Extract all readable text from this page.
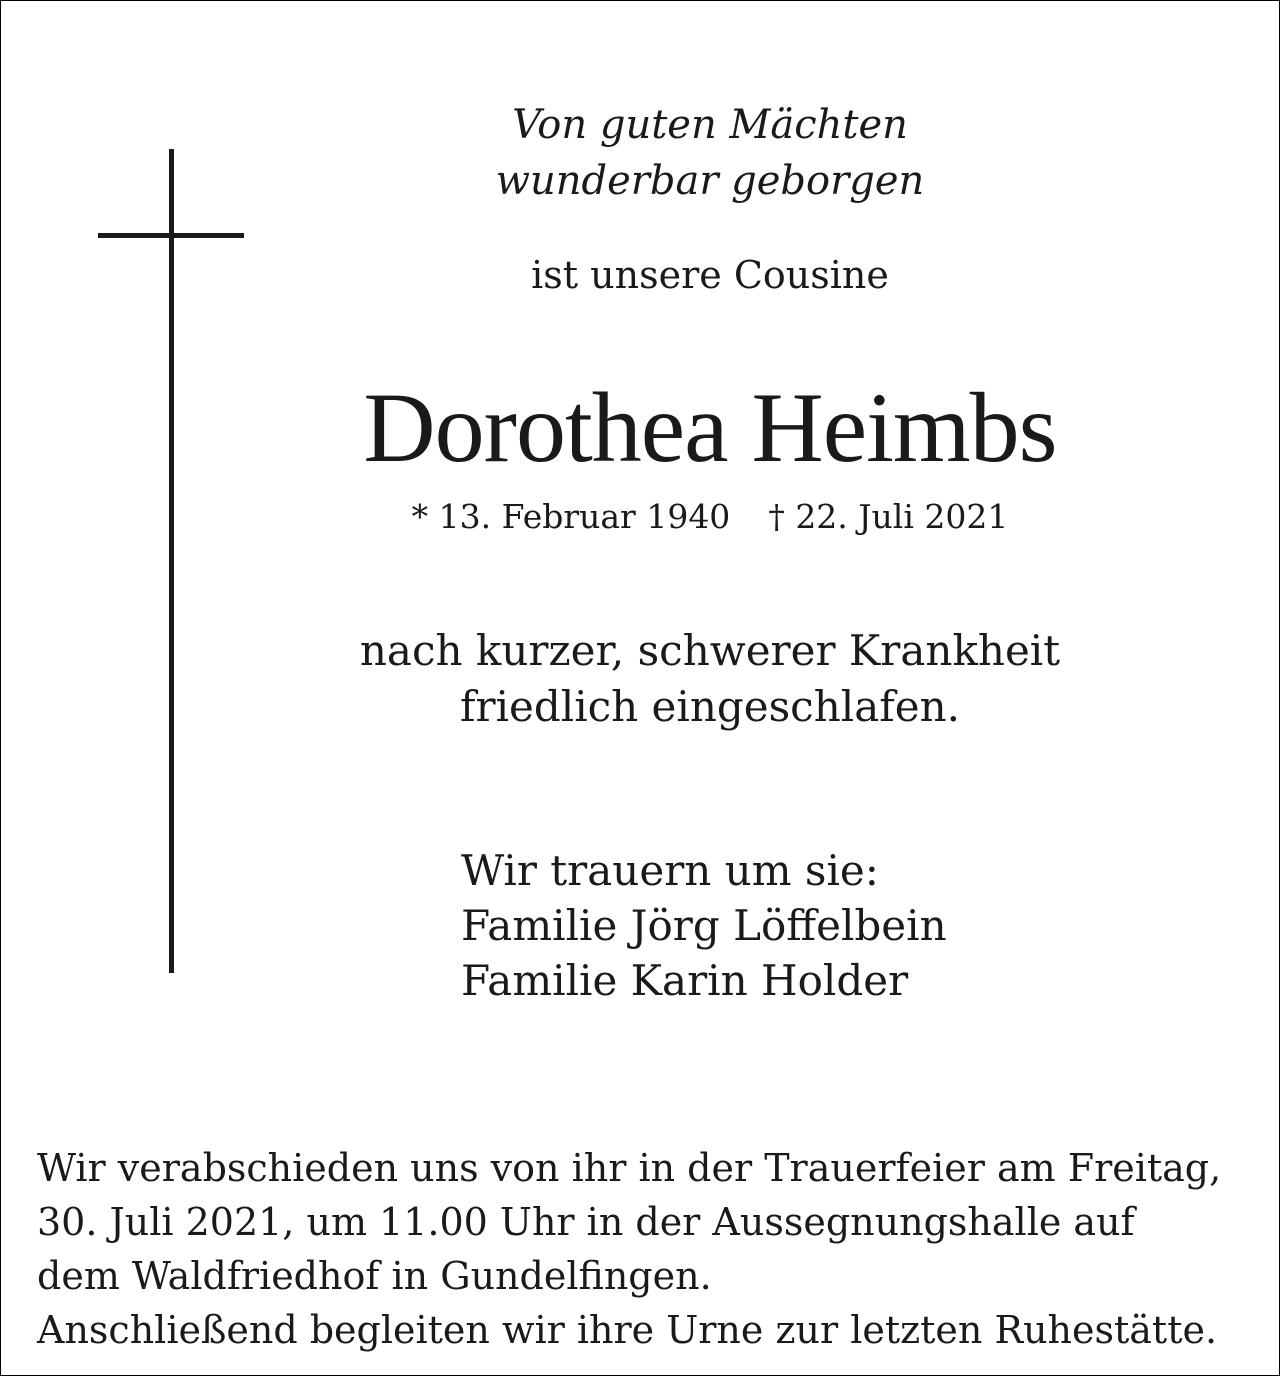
Von guten Mächten
wunderbar geborgen
ist unsere Cousine
Dorothea Heimbs
* 13. Februar 1940 † 22. Juli 2021
nach kurzer, schwerer Krankheit
friedlich eingeschlafen.
Wir trauern um sie:
Familie Jörg Löffelbein
Familie Karin Holder
Wir verabschieden uns von ihr in der Trauerfeier am Freitag,
30. Juli 2021, um 11.00 Uhr in der Aussegnungshalle auf
dem Waldfriedhof in Gundelfingen.
Anschließend begleiten wir ihre Urne zur letzten Ruhestätte.
